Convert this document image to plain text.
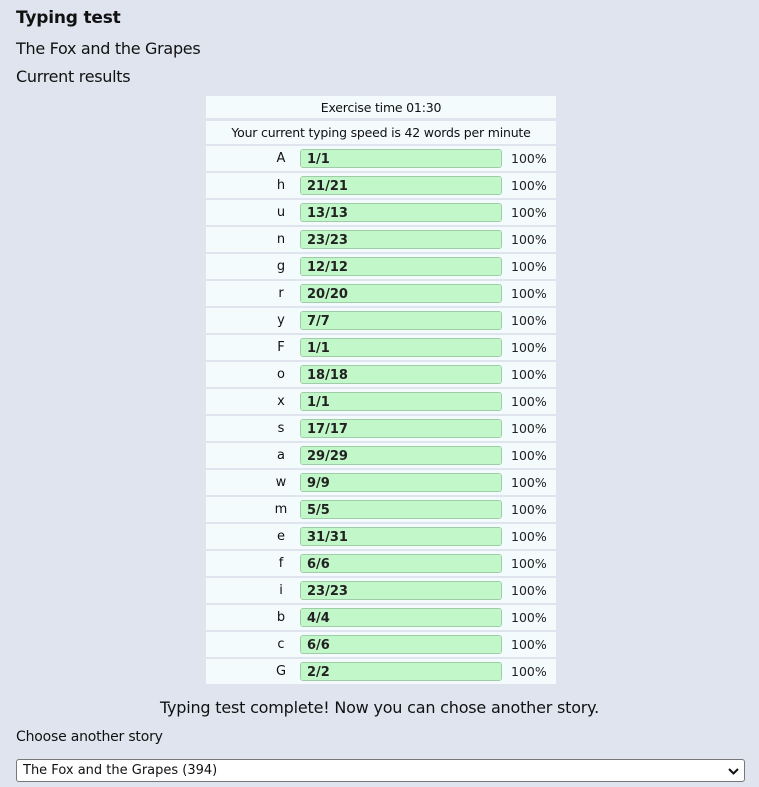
Typing test
The Fox and the Grapes
Current results
Exercise time 01:30
Your current typing speed is 42 words per minute
A	1/1	100%
h	21/21	100%
u	13/13	100%
n	23/23	100%
g	12/12	100%
r	20/20	100%
y	7/7	100%
F	1/1	100%
o	18/18	100%
x	1/1	100%
s	17/17	100%
a	29/29	100%
w	9/9	100%
m	5/5	100%
e	31/31	100%
f	6/6	100%
i	23/23	100%
b	4/4	100%
c	6/6	100%
G	2/2	100%
Typing test complete! Now you can chose another story.
Choose another story
The Fox and the Grapes (394)
